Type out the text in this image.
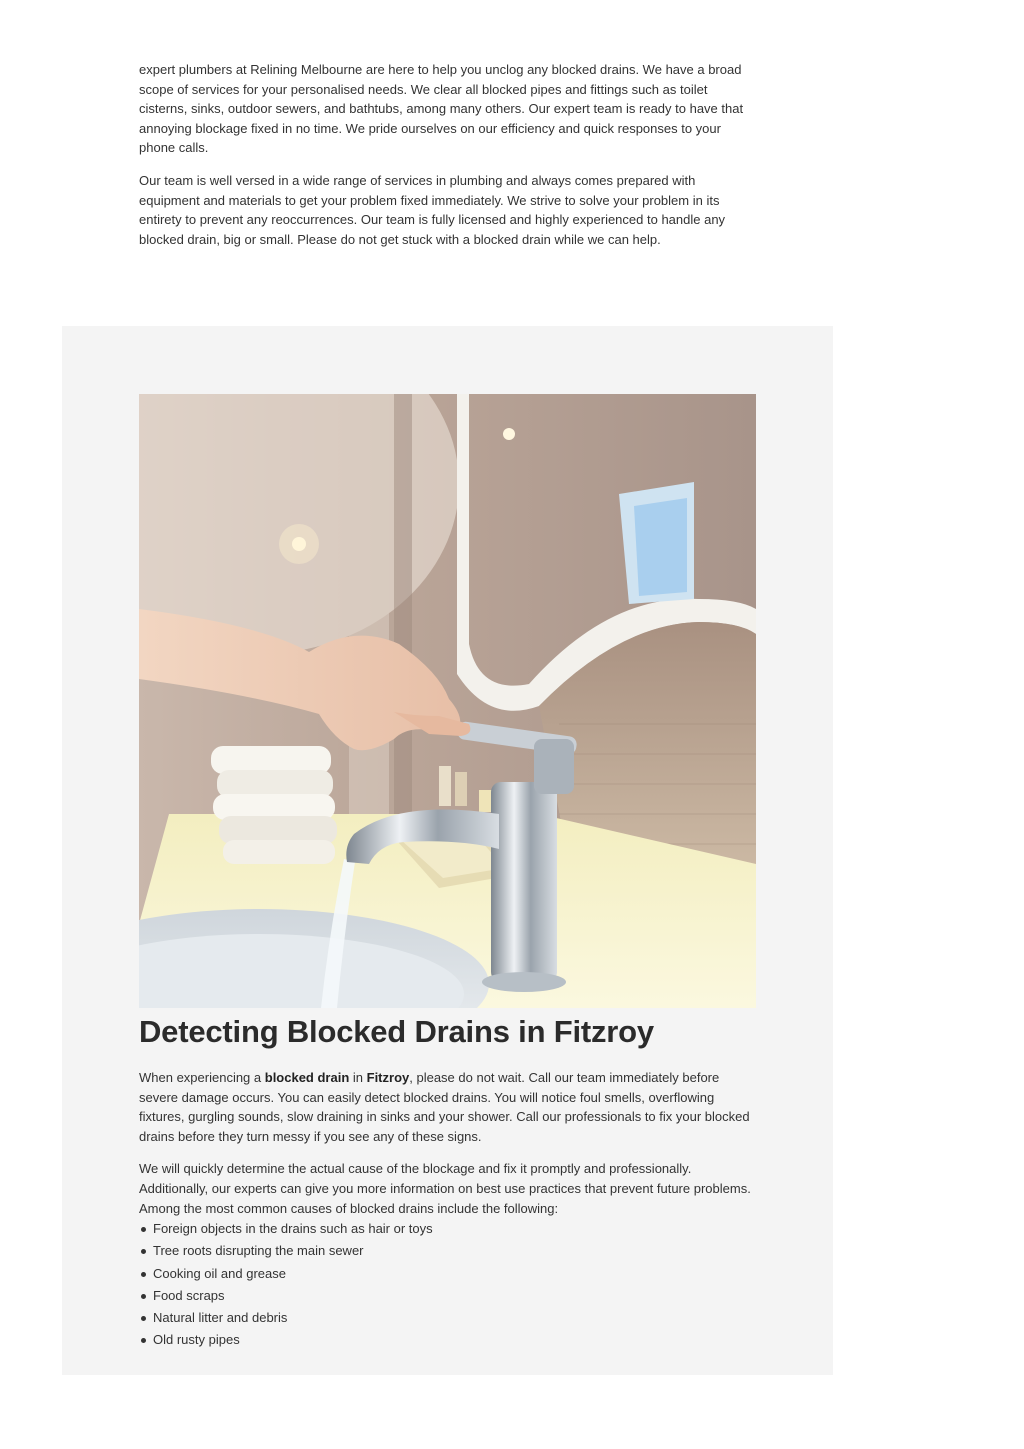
expert plumbers at Relining Melbourne are here to help you unclog any blocked drains. We have a broad scope of services for your personalised needs. We clear all blocked pipes and fittings such as toilet cisterns, sinks, outdoor sewers, and bathtubs, among many others. Our expert team is ready to have that annoying blockage fixed in no time. We pride ourselves on our efficiency and quick responses to your phone calls.

Our team is well versed in a wide range of services in plumbing and always comes prepared with equipment and materials to get your problem fixed immediately. We strive to solve your problem in its entirety to prevent any reoccurrences. Our team is fully licensed and highly experienced to handle any blocked drain, big or small. Please do not get stuck with a blocked drain while we can help.

Detecting Blocked Drains in Fitzroy

When experiencing a blocked drain in Fitzroy, please do not wait. Call our team immediately before severe damage occurs. You can easily detect blocked drains. You will notice foul smells, overflowing fixtures, gurgling sounds, slow draining in sinks and your shower. Call our professionals to fix your blocked drains before they turn messy if you see any of these signs.

We will quickly determine the actual cause of the blockage and fix it promptly and professionally. Additionally, our experts can give you more information on best use practices that prevent future problems. Among the most common causes of blocked drains include the following:

Foreign objects in the drains such as hair or toys
Tree roots disrupting the main sewer
Cooking oil and grease
Food scraps
Natural litter and debris
Old rusty pipes
